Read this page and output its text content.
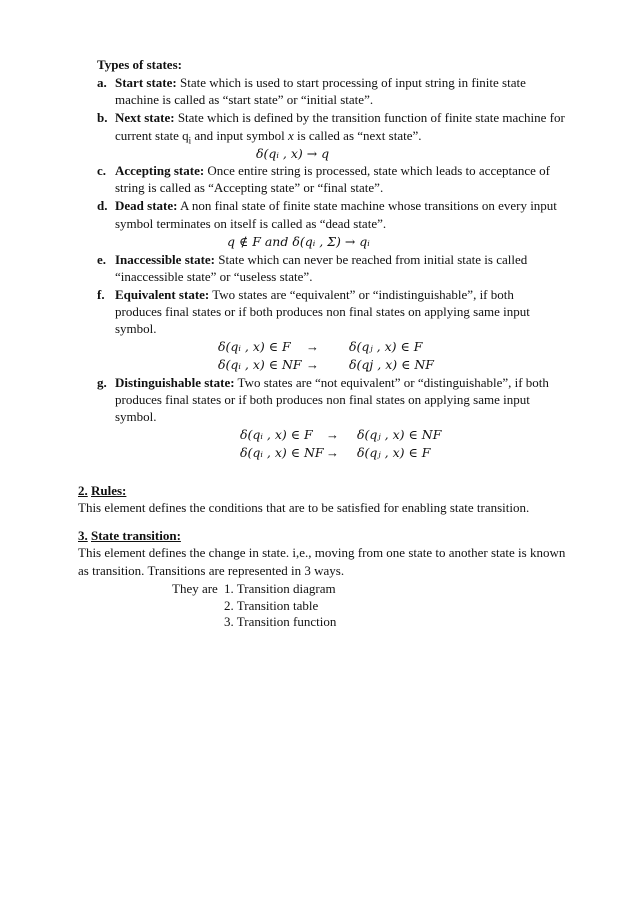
Types of states:
a. Start state: State which is used to start processing of input string in finite state
machine is called as “start state” or “initial state”.
b. Next state: State which is defined by the transition function of finite state machine for
current state $q_i$ and input symbol x is called as “next state”.
δ(qᵢ , x) → q
c. Accepting state: Once entire string is processed, state which leads to acceptance of
string is called as “Accepting state” or “final state”.
d. Dead state: A non final state of finite state machine whose transitions on every input
symbol terminates on itself is called as “dead state”.
q ∉ F and δ(qᵢ , Σ) → qᵢ
e. Inaccessible state: State which can never be reached from initial state is called
“inaccessible state” or “useless state”.
f. Equivalent state: Two states are “equivalent” or “indistinguishable”, if both
produces final states or if both produces non final states on applying same input
symbol.
δ(qᵢ , x) ∈ F → δ(qⱼ , x) ∈ F
δ(qᵢ , x) ∈ NF → δ(qj , x) ∈ NF
g. Distinguishable state: Two states are “not equivalent” or “distinguishable”, if both
produces final states or if both produces non final states on applying same input
symbol.
δ(qᵢ , x) ∈ F → δ(qⱼ , x) ∈ NF
δ(qᵢ , x) ∈ NF → δ(qⱼ , x) ∈ F
2. Rules:
This element defines the conditions that are to be satisfied for enabling state transition.
3. State transition:
This element defines the change in state. i,e., moving from one state to another state is known
as transition. Transitions are represented in 3 ways.
They are 1. Transition diagram
2. Transition table
3. Transition function
